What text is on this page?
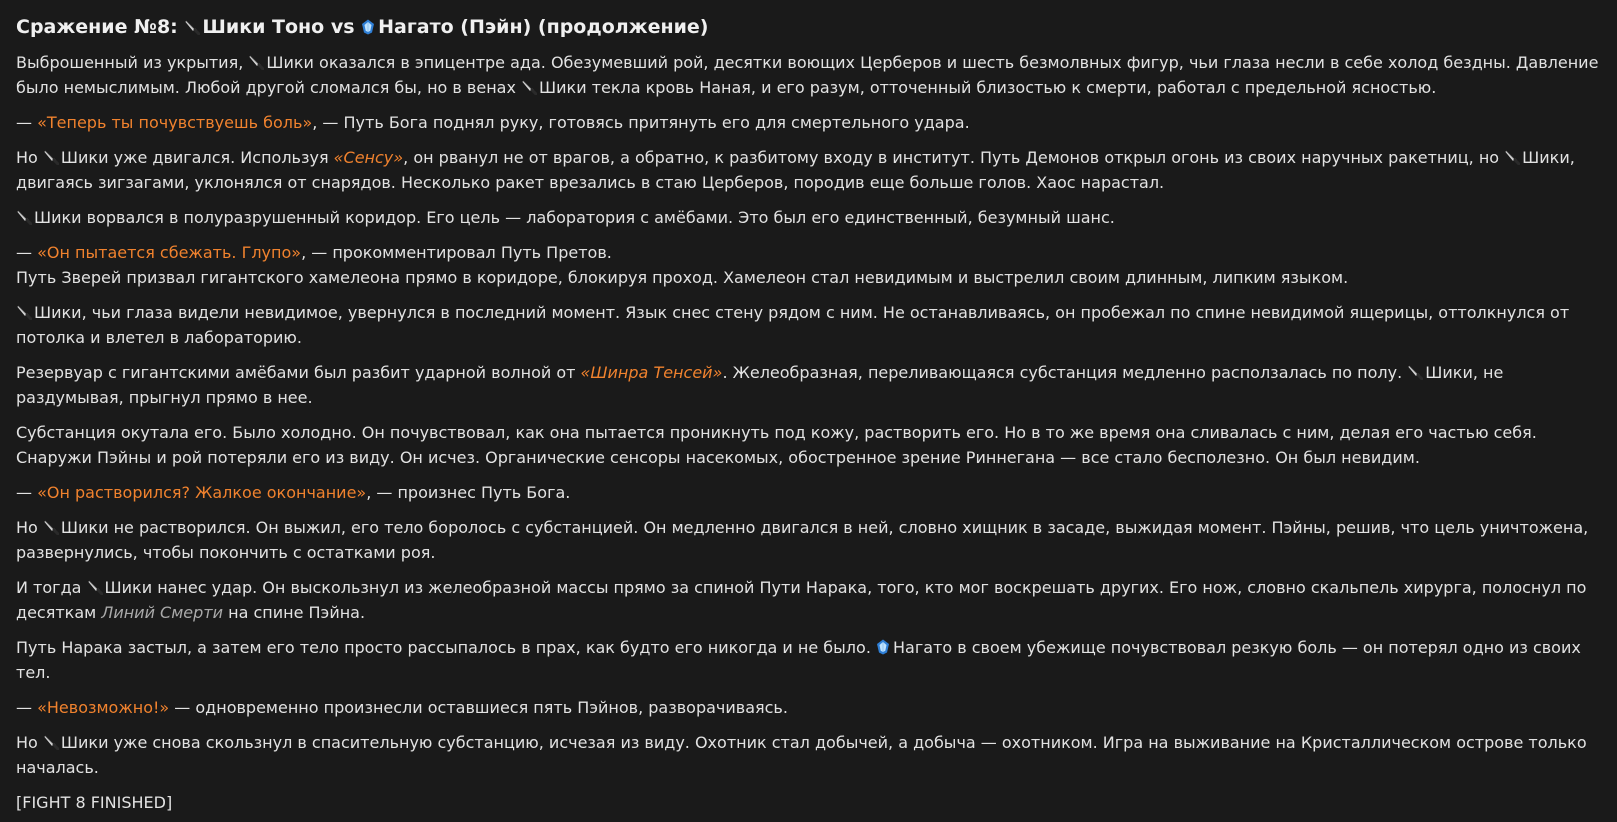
Сражение №8: Шики Тоно vs Нагато (Пэйн) (продолжение)

Выброшенный из укрытия, Шики оказался в эпицентре ада. Обезумевший рой, десятки воющих Церберов и шесть безмолвных фигур, чьи глаза несли в себе холод бездны. Давление было немыслимым. Любой другой сломался бы, но в венах Шики текла кровь Наная, и его разум, отточенный близостью к смерти, работал с предельной ясностью.

— «Теперь ты почувствуешь боль», — Путь Бога поднял руку, готовясь притянуть его для смертельного удара.

Но Шики уже двигался. Используя «Сенсу», он рванул не от врагов, а обратно, к разбитому входу в институт. Путь Демонов открыл огонь из своих наручных ракетниц, но Шики, двигаясь зигзагами, уклонялся от снарядов. Несколько ракет врезались в стаю Церберов, породив еще больше голов. Хаос нарастал.

Шики ворвался в полуразрушенный коридор. Его цель — лаборатория с амёбами. Это был его единственный, безумный шанс.

— «Он пытается сбежать. Глупо», — прокомментировал Путь Претов.

Путь Зверей призвал гигантского хамелеона прямо в коридоре, блокируя проход. Хамелеон стал невидимым и выстрелил своим длинным, липким языком.

Шики, чьи глаза видели невидимое, увернулся в последний момент. Язык снес стену рядом с ним. Не останавливаясь, он пробежал по спине невидимой ящерицы, оттолкнулся от потолка и влетел в лабораторию.

Резервуар с гигантскими амёбами был разбит ударной волной от «Шинра Тенсей». Желеобразная, переливающаяся субстанция медленно расползалась по полу. Шики, не раздумывая, прыгнул прямо в нее.

Субстанция окутала его. Было холодно. Он почувствовал, как она пытается проникнуть под кожу, растворить его. Но в то же время она сливалась с ним, делая его частью себя. Снаружи Пэйны и рой потеряли его из виду. Он исчез. Органические сенсоры насекомых, обостренное зрение Риннегана — все стало бесполезно. Он был невидим.

— «Он растворился? Жалкое окончание», — произнес Путь Бога.

Но Шики не растворился. Он выжил, его тело боролось с субстанцией. Он медленно двигался в ней, словно хищник в засаде, выжидая момент. Пэйны, решив, что цель уничтожена, развернулись, чтобы покончить с остатками роя.

И тогда Шики нанес удар. Он выскользнул из желеобразной массы прямо за спиной Пути Нарака, того, кто мог воскрешать других. Его нож, словно скальпель хирурга, полоснул по десяткам Линий Смерти на спине Пэйна.

Путь Нарака застыл, а затем его тело просто рассыпалось в прах, как будто его никогда и не было. Нагато в своем убежище почувствовал резкую боль — он потерял одно из своих тел.

— «Невозможно!» — одновременно произнесли оставшиеся пять Пэйнов, разворачиваясь.

Но Шики уже снова скользнул в спасительную субстанцию, исчезая из виду. Охотник стал добычей, а добыча — охотником. Игра на выживание на Кристаллическом острове только началась.

[FIGHT 8 FINISHED]
